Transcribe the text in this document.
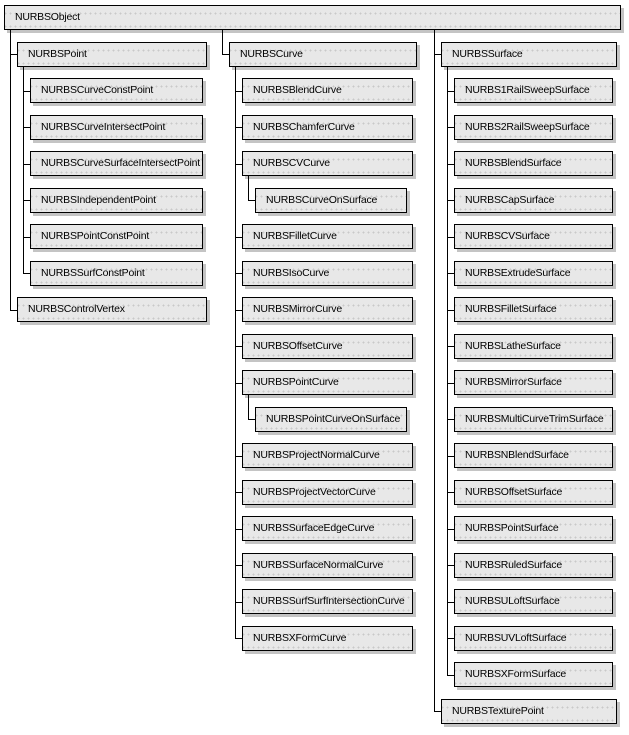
NURBSObject
NURBSPoint
NURBSCurveConstPoint
NURBSCurveIntersectPoint
NURBSCurveSurfaceIntersectPoint
NURBSIndependentPoint
NURBSPointConstPoint
NURBSSurfConstPoint
NURBSControlVertex
NURBSCurve
NURBSBlendCurve
NURBSChamferCurve
NURBSCVCurve
NURBSCurveOnSurface
NURBSFilletCurve
NURBSIsoCurve
NURBSMirrorCurve
NURBSOffsetCurve
NURBSPointCurve
NURBSPointCurveOnSurface
NURBSProjectNormalCurve
NURBSProjectVectorCurve
NURBSSurfaceEdgeCurve
NURBSSurfaceNormalCurve
NURBSSurfSurfIntersectionCurve
NURBSXFormCurve
NURBSSurface
NURBS1RailSweepSurface
NURBS2RailSweepSurface
NURBSBlendSurface
NURBSCapSurface
NURBSCVSurface
NURBSExtrudeSurface
NURBSFilletSurface
NURBSLatheSurface
NURBSMirrorSurface
NURBSMultiCurveTrimSurface
NURBSNBlendSurface
NURBSOffsetSurface
NURBSPointSurface
NURBSRuledSurface
NURBSULoftSurface
NURBSUVLoftSurface
NURBSXFormSurface
NURBSTexturePoint
